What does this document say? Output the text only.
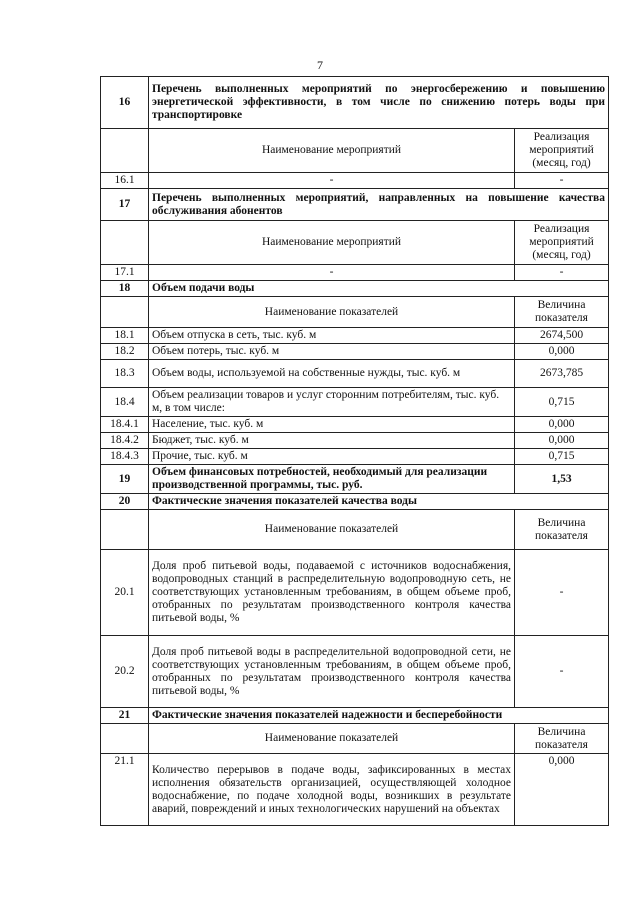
7
16	Перечень выполненных мероприятий по энергосбережению и повышению энергетической эффективности, в том числе по снижению потерь воды при транспортировке	
	Наименование мероприятий	Реализация мероприятий (месяц, год)
16.1	-	-
17	Перечень выполненных мероприятий, направленных на повышение качества обслуживания абонентов	
	Наименование мероприятий	Реализация мероприятий (месяц, год)
17.1	-	-
18	Объем подачи воды	
	Наименование показателей	Величина показателя
18.1	Объем отпуска в сеть, тыс. куб. м	2674,500
18.2	Объем потерь, тыс. куб. м	0,000
18.3	Объем воды, используемой на собственные нужды, тыс. куб. м	2673,785
18.4	Объем реализации товаров и услуг сторонним потребителям, тыс. куб. м, в том числе:	0,715
18.4.1	Население, тыс. куб. м	0,000
18.4.2	Бюджет, тыс. куб. м	0,000
18.4.3	Прочие, тыс. куб. м	0,715
19	Объем финансовых потребностей, необходимый для реализации производственной программы, тыс. руб.	1,53
20	Фактические значения показателей качества воды	
	Наименование показателей	Величина показателя
20.1	Доля проб питьевой воды, подаваемой с источников водоснабжения, водопроводных станций в распределительную водопроводную сеть, не соответствующих установленным требованиям, в общем объеме проб, отобранных по результатам производственного контроля качества питьевой воды, %	-
20.2	Доля проб питьевой воды в распределительной водопроводной сети, не соответствующих установленным требованиям, в общем объеме проб, отобранных по результатам производственного контроля качества питьевой воды, %	-
21	Фактические значения показателей надежности и бесперебойности	
	Наименование показателей	Величина показателя
21.1	Количество перерывов в подаче воды, зафиксированных в местах исполнения обязательств организацией, осуществляющей холодное водоснабжение, по подаче холодной воды, возникших в результате аварий, повреждений и иных технологических нарушений на объектах	0,000
